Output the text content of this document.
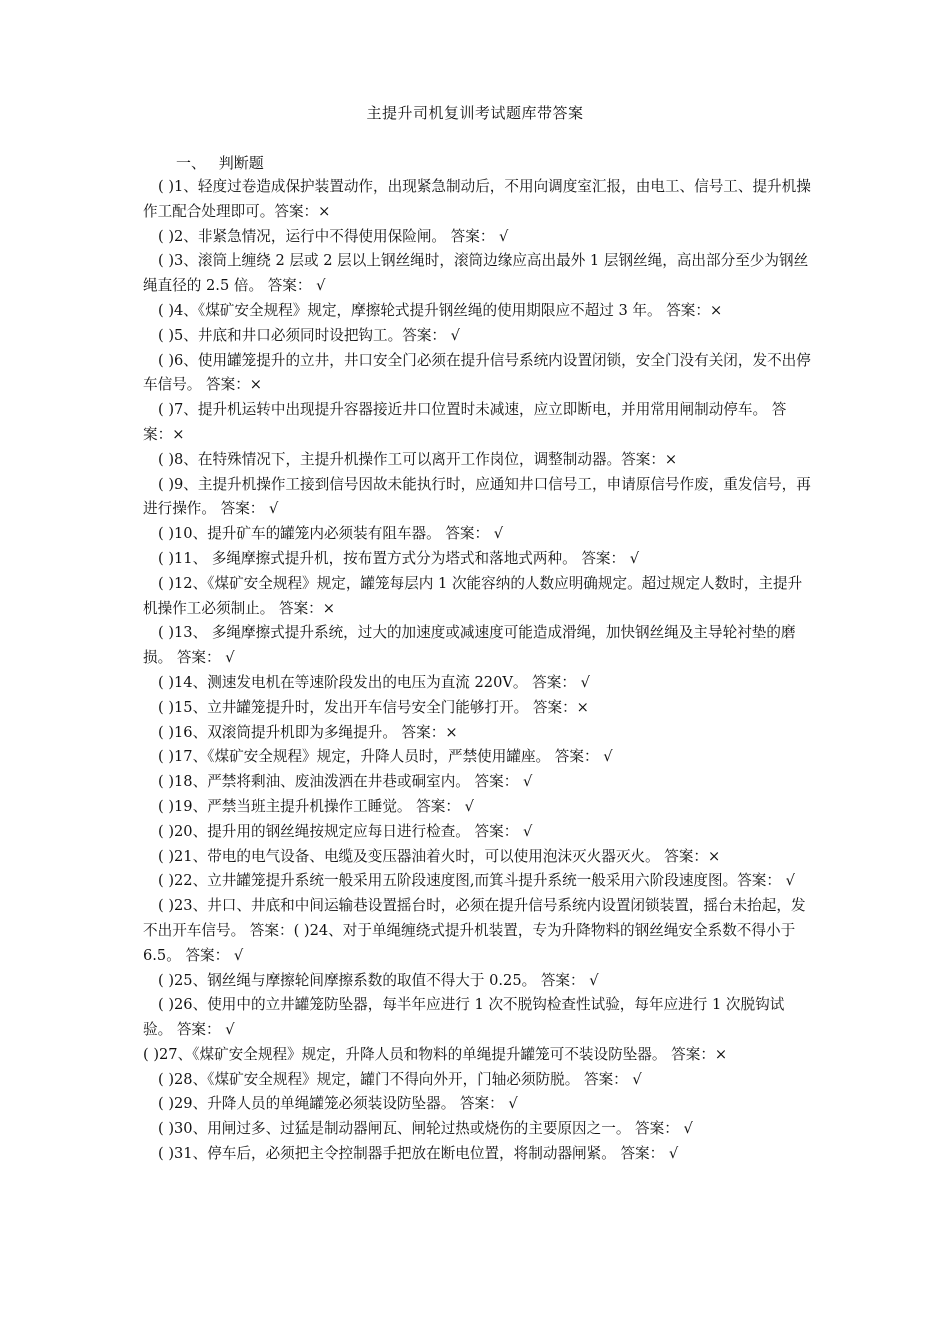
主提升司机复训考试题库带答案
一、 判断题
( )1、轻度过卷造成保护装置动作，出现紧急制动后，不用向调度室汇报，由电工、信号工、提升机操作工配合处理即可。答案：×
( )2、非紧急情况，运行中不得使用保险闸。 答案： √
( )3、滚筒上缠绕 2 层或 2 层以上钢丝绳时，滚筒边缘应高出最外 1 层钢丝绳，高出部分至少为钢丝绳直径的 2.5 倍。 答案： √
( )4、《煤矿安全规程》规定，摩擦轮式提升钢丝绳的使用期限应不超过 3 年。 答案：×
( )5、井底和井口必须同时设把钩工。答案： √
( )6、使用罐笼提升的立井，井口安全门必须在提升信号系统内设置闭锁，安全门没有关闭，发不出停车信号。 答案：×
( )7、提升机运转中出现提升容器接近井口位置时未减速，应立即断电，并用常用闸制动停车。 答案：×
( )8、在特殊情况下，主提升机操作工可以离开工作岗位，调整制动器。答案：×
( )9、主提升机操作工接到信号因故未能执行时，应通知井口信号工，申请原信号作废，重发信号，再进行操作。 答案： √
( )10、提升矿车的罐笼内必须装有阻车器。 答案： √
( )11、 多绳摩擦式提升机，按布置方式分为塔式和落地式两种。 答案： √
( )12、《煤矿安全规程》规定，罐笼每层内 1 次能容纳的人数应明确规定。超过规定人数时，主提升机操作工必须制止。 答案：×
( )13、 多绳摩擦式提升系统，过大的加速度或减速度可能造成滑绳，加快钢丝绳及主导轮衬垫的磨损。 答案： √
( )14、测速发电机在等速阶段发出的电压为直流 220V。 答案： √
( )15、立井罐笼提升时，发出开车信号安全门能够打开。 答案：×
( )16、双滚筒提升机即为多绳提升。 答案：×
( )17、《煤矿安全规程》规定，升降人员时，严禁使用罐座。 答案： √
( )18、严禁将剩油、废油泼洒在井巷或硐室内。 答案： √
( )19、严禁当班主提升机操作工睡觉。 答案： √
( )20、提升用的钢丝绳按规定应每日进行检查。 答案： √
( )21、带电的电气设备、电缆及变压器油着火时，可以使用泡沫灭火器灭火。 答案：×
( )22、立井罐笼提升系统一般采用五阶段速度图,而箕斗提升系统一般采用六阶段速度图。答案： √
( )23、井口、井底和中间运输巷设置摇台时，必须在提升信号系统内设置闭锁装置，摇台未抬起，发不出开车信号。 答案：( )24、对于单绳缠绕式提升机装置，专为升降物料的钢丝绳安全系数不得小于 6.5。 答案： √
( )25、钢丝绳与摩擦轮间摩擦系数的取值不得大于 0.25。 答案： √
( )26、使用中的立井罐笼防坠器，每半年应进行 1 次不脱钩检查性试验，每年应进行 1 次脱钩试验。 答案： √
( )27、《煤矿安全规程》规定，升降人员和物料的单绳提升罐笼可不装设防坠器。 答案：×
( )28、《煤矿安全规程》规定，罐门不得向外开，门轴必须防脱。 答案： √
( )29、升降人员的单绳罐笼必须装设防坠器。 答案： √
( )30、用闸过多、过猛是制动器闸瓦、闸轮过热或烧伤的主要原因之一。 答案： √
( )31、停车后，必须把主令控制器手把放在断电位置，将制动器闸紧。 答案： √
